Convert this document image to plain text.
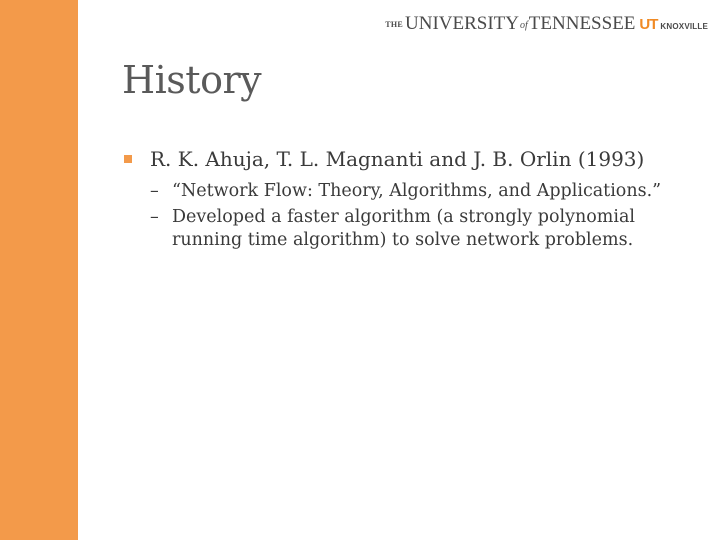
THE UNIVERSITY of TENNESSEE UT KNOXVILLE
History
R. K. Ahuja, T. L. Magnanti and J. B. Orlin (1993)
– “Network Flow: Theory, Algorithms, and Applications.”
– Developed a faster algorithm (a strongly polynomial running time algorithm) to solve network problems.
